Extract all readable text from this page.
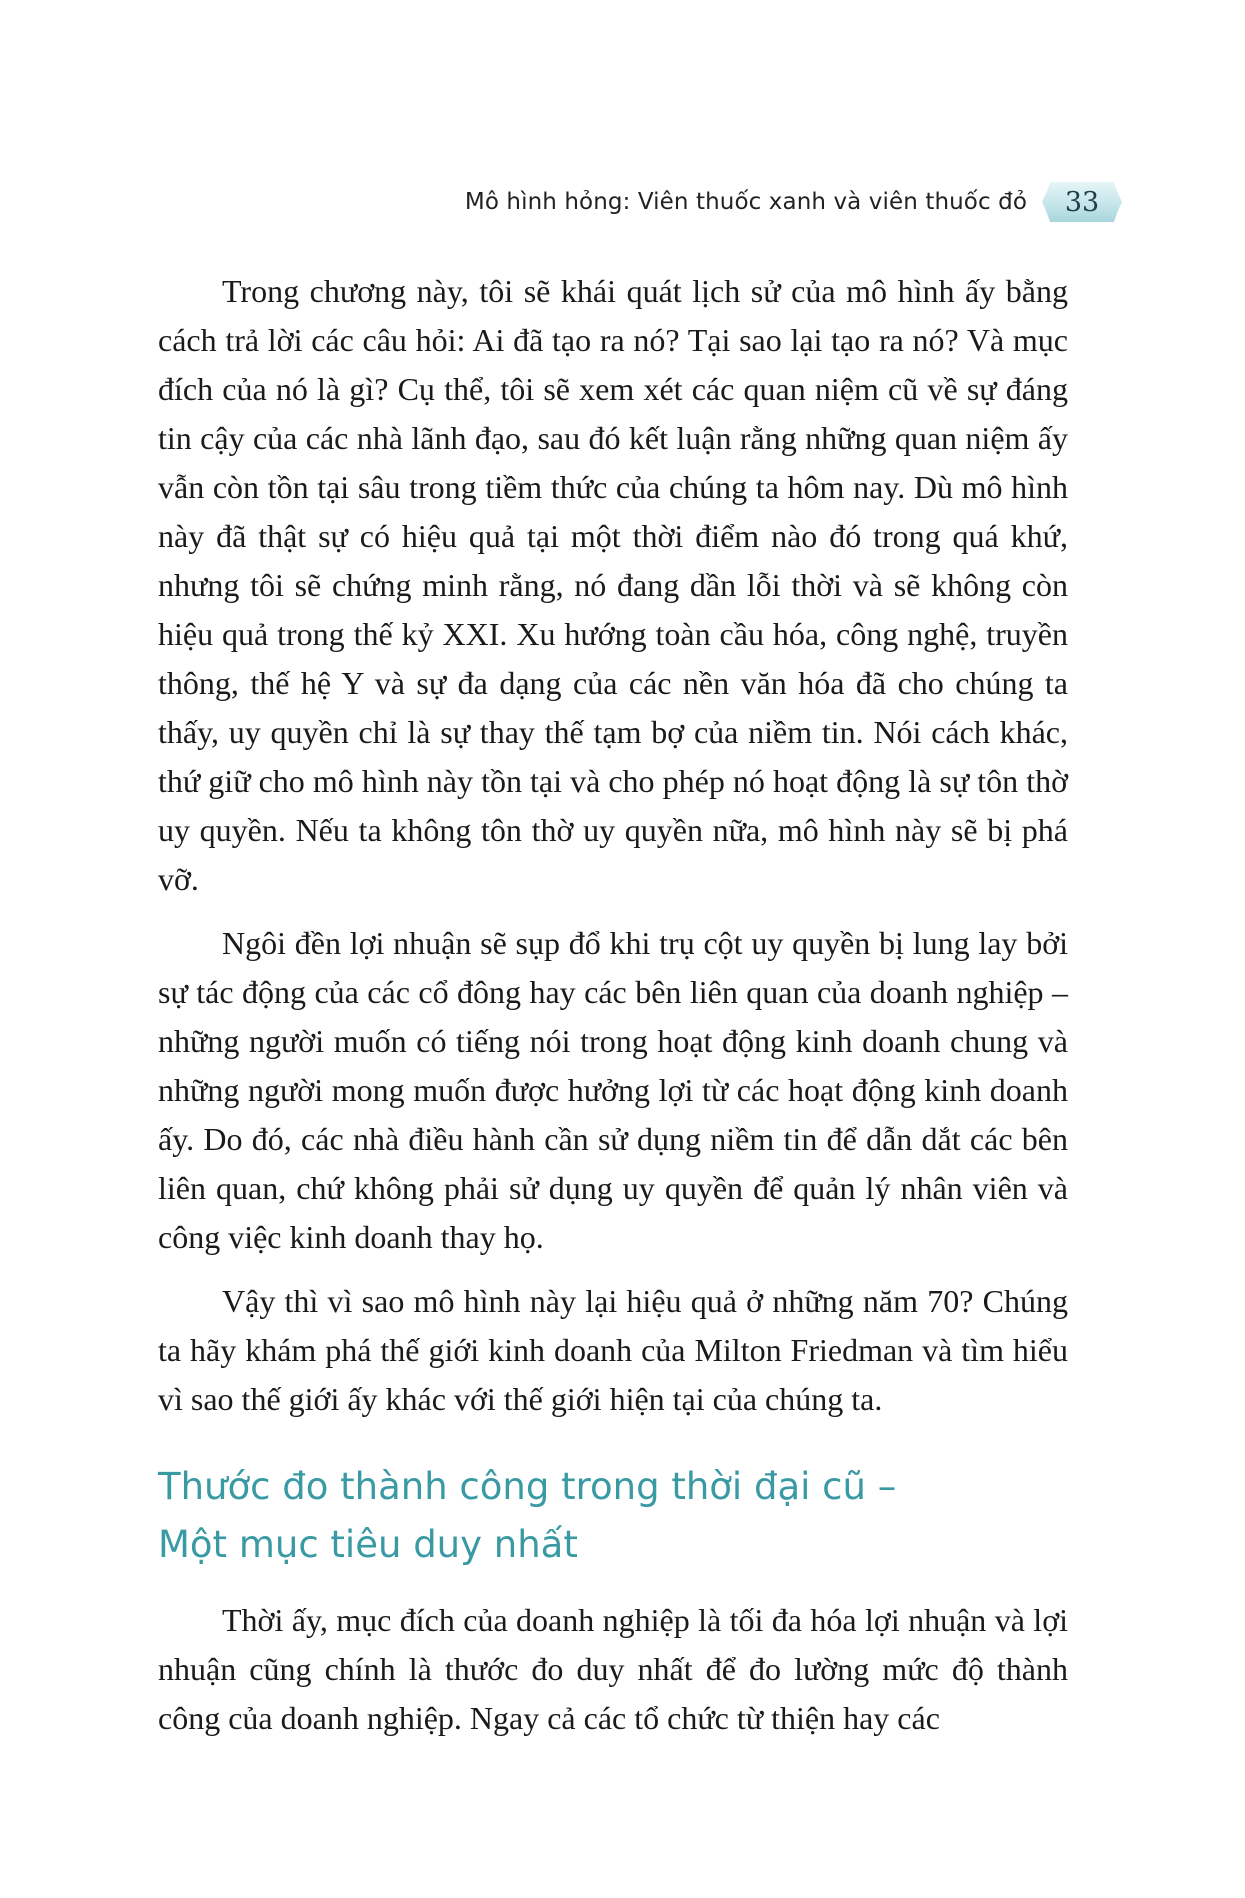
Mô hình hỏng: Viên thuốc xanh và viên thuốc đỏ 33

Trong chương này, tôi sẽ khái quát lịch sử của mô hình ấy bằng cách trả lời các câu hỏi: Ai đã tạo ra nó? Tại sao lại tạo ra nó? Và mục đích của nó là gì? Cụ thể, tôi sẽ xem xét các quan niệm cũ về sự đáng tin cậy của các nhà lãnh đạo, sau đó kết luận rằng những quan niệm ấy vẫn còn tồn tại sâu trong tiềm thức của chúng ta hôm nay. Dù mô hình này đã thật sự có hiệu quả tại một thời điểm nào đó trong quá khứ, nhưng tôi sẽ chứng minh rằng, nó đang dần lỗi thời và sẽ không còn hiệu quả trong thế kỷ XXI. Xu hướng toàn cầu hóa, công nghệ, truyền thông, thế hệ Y và sự đa dạng của các nền văn hóa đã cho chúng ta thấy, uy quyền chỉ là sự thay thế tạm bợ của niềm tin. Nói cách khác, thứ giữ cho mô hình này tồn tại và cho phép nó hoạt động là sự tôn thờ uy quyền. Nếu ta không tôn thờ uy quyền nữa, mô hình này sẽ bị phá vỡ.

Ngôi đền lợi nhuận sẽ sụp đổ khi trụ cột uy quyền bị lung lay bởi sự tác động của các cổ đông hay các bên liên quan của doanh nghiệp – những người muốn có tiếng nói trong hoạt động kinh doanh chung và những người mong muốn được hưởng lợi từ các hoạt động kinh doanh ấy. Do đó, các nhà điều hành cần sử dụng niềm tin để dẫn dắt các bên liên quan, chứ không phải sử dụng uy quyền để quản lý nhân viên và công việc kinh doanh thay họ.

Vậy thì vì sao mô hình này lại hiệu quả ở những năm 70? Chúng ta hãy khám phá thế giới kinh doanh của Milton Friedman và tìm hiểu vì sao thế giới ấy khác với thế giới hiện tại của chúng ta.

Thước đo thành công trong thời đại cũ –
Một mục tiêu duy nhất

Thời ấy, mục đích của doanh nghiệp là tối đa hóa lợi nhuận và lợi nhuận cũng chính là thước đo duy nhất để đo lường mức độ thành công của doanh nghiệp. Ngay cả các tổ chức từ thiện hay các
